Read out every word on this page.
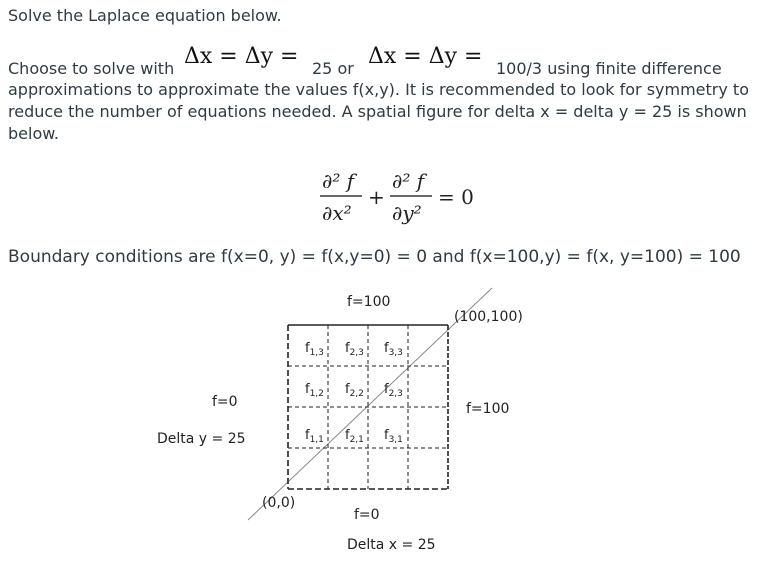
Solve the Laplace equation below.
Choose to solve with Δx = Δy = 25 or Δx = Δy = 100/3 using finite difference
approximations to approximate the values f(x,y). It is recommended to look for symmetry to reduce the number of equations needed. A spatial figure for delta x = delta y = 25 is shown below.
∂² f
∂x²
+
∂² f
∂y²
= 0
Boundary conditions are f(x=0, y) = f(x,y=0) = 0 and f(x=100,y) = f(x, y=100) = 100
$f_{1,3}$ $f_{2,3}$ $f_{3,3}$
$f_{1,2}$ $f_{2,2}$ $f_{2,3}$
$f_{1,1}$ $f_{2,1}$ $f_{3,1}$
f=100
f=100
f=0
Delta y = 25
f=0
Delta x = 25
(100,100)
(0,0)
